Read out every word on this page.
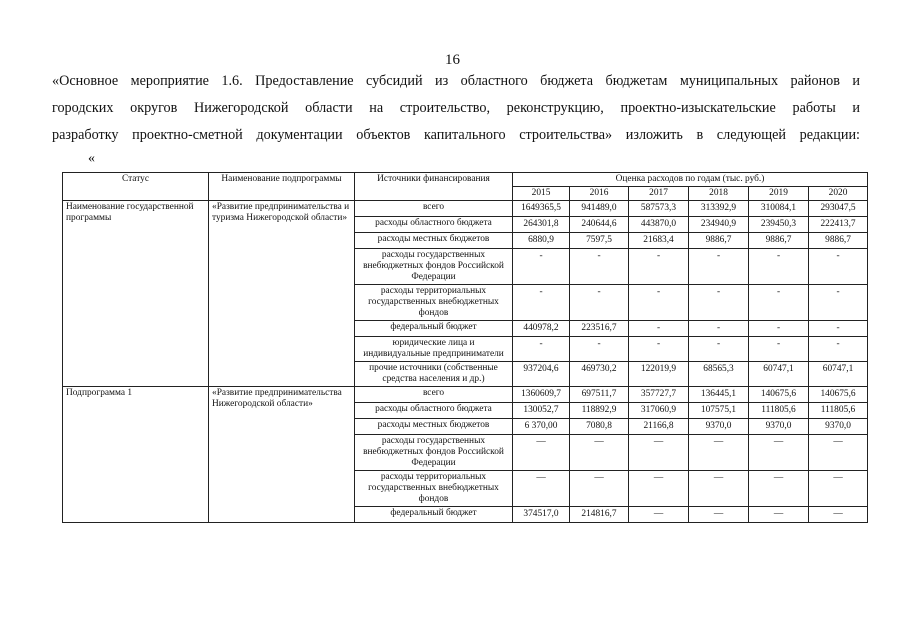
16
«Основное мероприятие 1.6. Предоставление субсидий из областного бюджета бюджетам муниципальных районов и
городских округов Нижегородской области на строительство, реконструкцию, проектно-изыскательские работы и
разработку проектно-сметной документации объектов капитального строительства» изложить в следующей редакции:
«
Статус	Наименование подпрограммы	Источники финансирования	Оценка расходов по годам (тыс. руб.)					
			2015	2016	2017	2018	2019	2020
Наименование государственной программы	«Развитие предпринимательства и туризма Нижегородской области»	всего	1649365,5	941489,0	587573,3	313392,9	310084,1	293047,5
		расходы областного бюджета	264301,8	240644,6	443870,0	234940,9	239450,3	222413,7
		расходы местных бюджетов	6880,9	7597,5	21683,4	9886,7	9886,7	9886,7
		расходы государственных внебюджетных фондов Российской Федерации	-	-	-	-	-	-
		расходы территориальных государственных внебюджетных фондов	-	-	-	-	-	-
		федеральный бюджет	440978,2	223516,7	-	-	-	-
		юридические лица и индивидуальные предприниматели	-	-	-	-	-	-
		прочие источники (собственные средства населения и др.)	937204,6	469730,2	122019,9	68565,3	60747,1	60747,1
Подпрограмма 1	«Развитие предпринимательства Нижегородской области»	всего	1360609,7	697511,7	357727,7	136445,1	140675,6	140675,6
		расходы областного бюджета	130052,7	118892,9	317060,9	107575,1	111805,6	111805,6
		расходы местных бюджетов	6 370,00	7080,8	21166,8	9370,0	9370,0	9370,0
		расходы государственных внебюджетных фондов Российской Федерации	—	—	—	—	—	—
		расходы территориальных государственных внебюджетных фондов	—	—	—	—	—	—
		федеральный бюджет	374517,0	214816,7	—	—	—	—
